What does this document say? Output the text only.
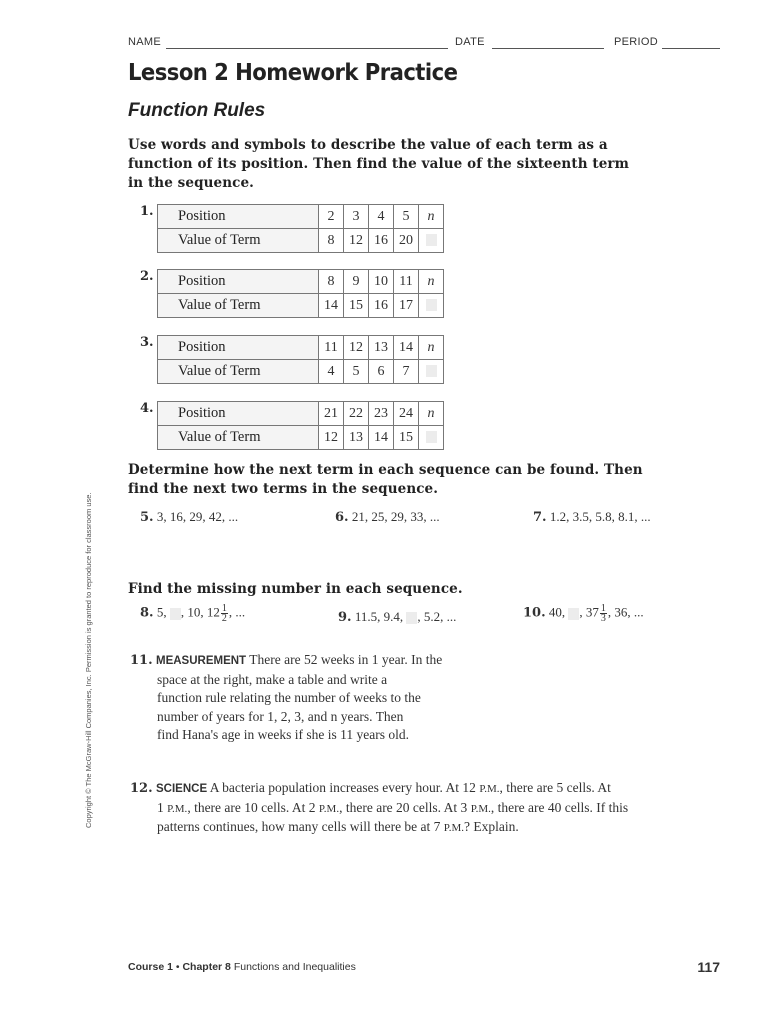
NAME	DATE	PERIOD
Lesson 2 Homework Practice
Function Rules

Use words and symbols to describe the value of each term as a function of its position. Then find the value of the sixteenth term in the sequence.

1. Position	2	3	4	5	n
Value of Term	8	12	16	20	
2. Position	8	9	10	11	n
Value of Term	14	15	16	17	
3. Position	11	12	13	14	n
Value of Term	4	5	6	7	
4. Position	21	22	23	24	n
Value of Term	12	13	14	15	

Determine how the next term in each sequence can be found. Then find the next two terms in the sequence.

5. 3, 16, 29, 42, ...	6. 21, 25, 29, 33, ...	7. 1.2, 3.5, 5.8, 8.1, ...

Find the missing number in each sequence.

8. 5, , 10, $12 \frac{1}{2}$ , ...	9. 11.5, 9.4, , 5.2, ...	10. 40, , $37 \frac{1}{3}$ , 36, ...
11. MEASUREMENT There are 52 weeks in 1 year. In the
space at the right, make a table and write a
function rule relating the number of weeks to the
number of years for 1, 2, 3, and n years. Then
find Hana's age in weeks if she is 11 years old.
12. SCIENCE A bacteria population increases every hour. At 12 P.M., there are 5 cells. At
1 P.M., there are 10 cells. At 2 P.M., there are 20 cells. At 3 P.M., there are 40 cells. If this
patterns continues, how many cells will there be at 7 P.M.? Explain.
Copyright © The McGraw-Hill Companies, Inc. Permission is granted to reproduce for classroom use.
Course 1 • Chapter 8 Functions and Inequalities	117
